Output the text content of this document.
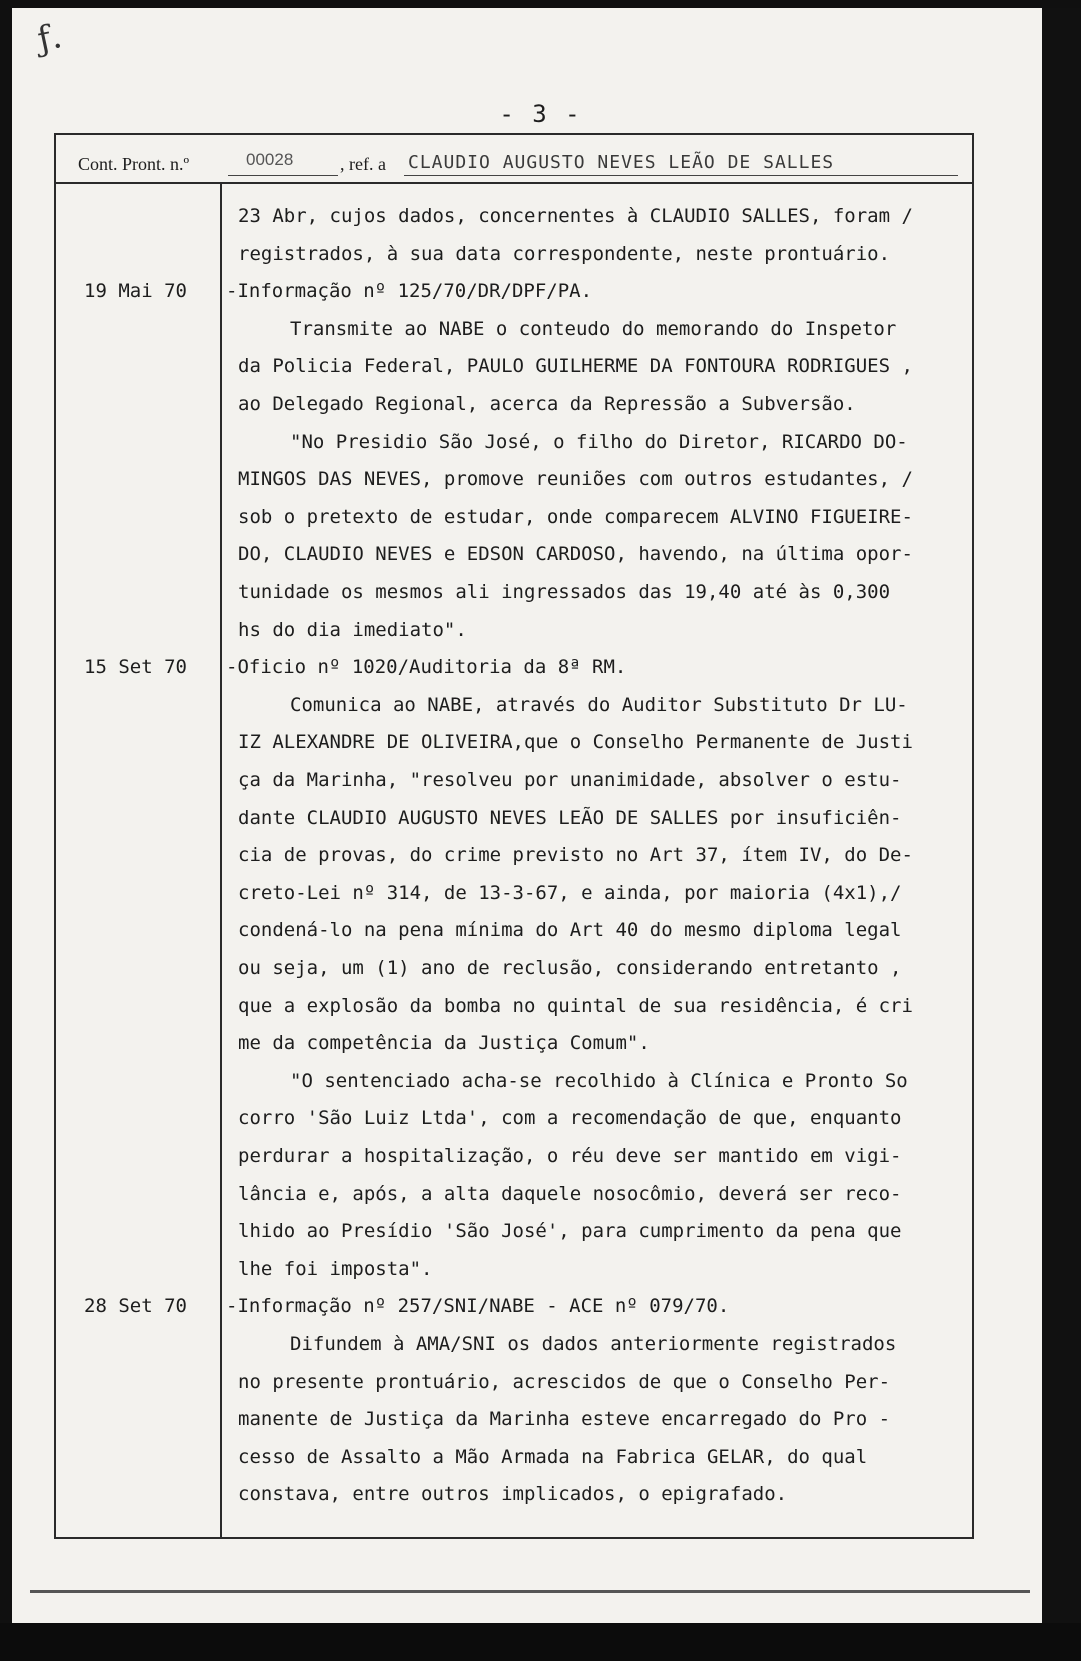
ƒ.
- 3 -
Cont. Pront. n.º	00028	, ref. a CLAUDIO AUGUSTO NEVES LEÃO DE SALLES
23 Abr, cujos dados, concernentes à CLAUDIO SALLES, foram /
registrados, à sua data correspondente, neste prontuário.
19 Mai 70	-Informação nº 125/70/DR/DPF/PA.
Transmite ao NABE o conteudo do memorando do Inspetor
da Policia Federal, PAULO GUILHERME DA FONTOURA RODRIGUES ,
ao Delegado Regional, acerca da Repressão a Subversão.
"No Presidio São José, o filho do Diretor, RICARDO DO-
MINGOS DAS NEVES, promove reuniões com outros estudantes, /
sob o pretexto de estudar, onde comparecem ALVINO FIGUEIRE-
DO, CLAUDIO NEVES e EDSON CARDOSO, havendo, na última opor-
tunidade os mesmos ali ingressados das 19,40 até às 0,300
hs do dia imediato".
15 Set 70	-Oficio nº 1020/Auditoria da 8ª RM.
Comunica ao NABE, através do Auditor Substituto Dr LU-
IZ ALEXANDRE DE OLIVEIRA,que o Conselho Permanente de Justi
ça da Marinha, "resolveu por unanimidade, absolver o estu-
dante CLAUDIO AUGUSTO NEVES LEÃO DE SALLES por insuficiên-
cia de provas, do crime previsto no Art 37, ítem IV, do De-
creto-Lei nº 314, de 13-3-67, e ainda, por maioria (4x1),/
condená-lo na pena mínima do Art 40 do mesmo diploma legal
ou seja, um (1) ano de reclusão, considerando entretanto ,
que a explosão da bomba no quintal de sua residência, é cri
me da competência da Justiça Comum".
"O sentenciado acha-se recolhido à Clínica e Pronto So
corro 'São Luiz Ltda', com a recomendação de que, enquanto
perdurar a hospitalização, o réu deve ser mantido em vigi-
lância e, após, a alta daquele nosocômio, deverá ser reco-
lhido ao Presídio 'São José', para cumprimento da pena que
lhe foi imposta".
28 Set 70	-Informação nº 257/SNI/NABE - ACE nº 079/70.
Difundem à AMA/SNI os dados anteriormente registrados
no presente prontuário, acrescidos de que o Conselho Per-
manente de Justiça da Marinha esteve encarregado do Pro -
cesso de Assalto a Mão Armada na Fabrica GELAR, do qual
constava, entre outros implicados, o epigrafado.
